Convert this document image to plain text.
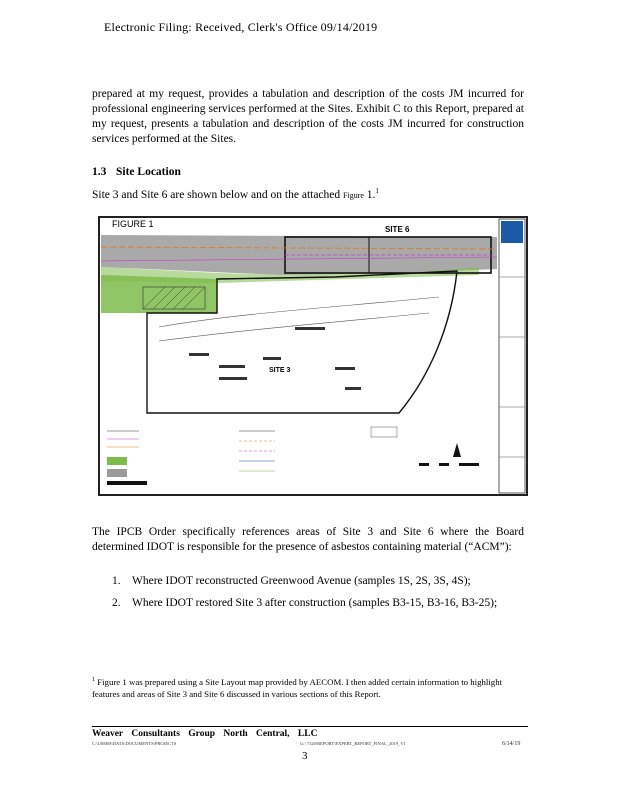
Electronic Filing: Received, Clerk's Office 09/14/2019
prepared at my request, provides a tabulation and description of the costs JM incurred for professional engineering services performed at the Sites. Exhibit C to this Report, prepared at my request, presents a tabulation and description of the costs JM incurred for construction services performed at the Sites.
1.3 Site Location
Site 3 and Site 6 are shown below and on the attached Figure 1.$^1$
FIGURE 1
SITE 6
SITE 3
The IPCB Order specifically references areas of Site 3 and Site 6 where the Board determined IDOT is responsible for the presence of asbestos containing material (“ACM”):
1. Where IDOT reconstructed Greenwood Avenue (samples 1S, 2S, 3S, 4S);
2. Where IDOT restored Site 3 after construction (samples B3-15, B3-16, B3-25);
$^1$ Figure 1 was prepared using a Site Layout map provided by AECOM. I then added certain information to highlight features and areas of Site 3 and Site 6 discussed in various sections of this Report.
Weaver Consultants Group North Central, LLC
C:\USERS\DATA\DOCUMENTS\PROJECTS	G:\ 7320\REPORT\EXPERT_REPORT_FINAL_2019_V1	6/14/19
3
